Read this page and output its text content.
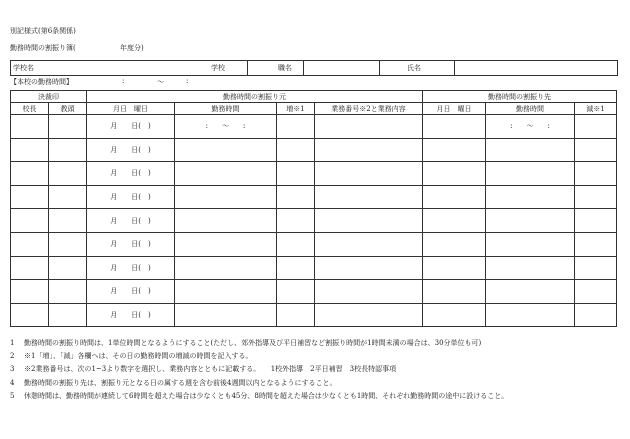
別記様式(第6条関係)
勤務時間の割振り簿(	年度分)
学校名	学校	職名	氏名
【本校の勤務時間】	:	〜	:
決裁印		勤務時間の割振り元				勤務時間の割振り先		
校長	教頭	月日　曜日	勤務時間	増※1	業務番号※2と業務内容	月日　曜日	勤務時間	減※1
		月　　日(　)	:　　〜　　:				:　　〜　　:	
		月　　日(　)						
		月　　日(　)						
		月　　日(　)						
		月　　日(　)						
		月　　日(　)						
		月　　日(　)						
		月　　日(　)						
		月　　日(　)						
1 勤務時間の割振り時間は、1単位時間となるようにすること(ただし、郊外指導及び平日補習など割振り時間が1時間未満の場合は、30分単位も可)
2 ※1「増」、「減」各欄へは、その日の勤務時間の増減の時間を記入する。
3 ※2業務番号は、次の1~3より数字を選択し、業務内容とともに記載する。　　1校外指導　2平日補習　3校長特認事項
4 勤務時間の割振り先は、割振り元となる日の属する週を含む前後4週間以内となるようにすること。
5 休憩時間は、勤務時間が連続して6時間を超えた場合は少なくとも45分、8時間を超えた場合は少なくとも1時間、それぞれ勤務時間の途中に設けること。
